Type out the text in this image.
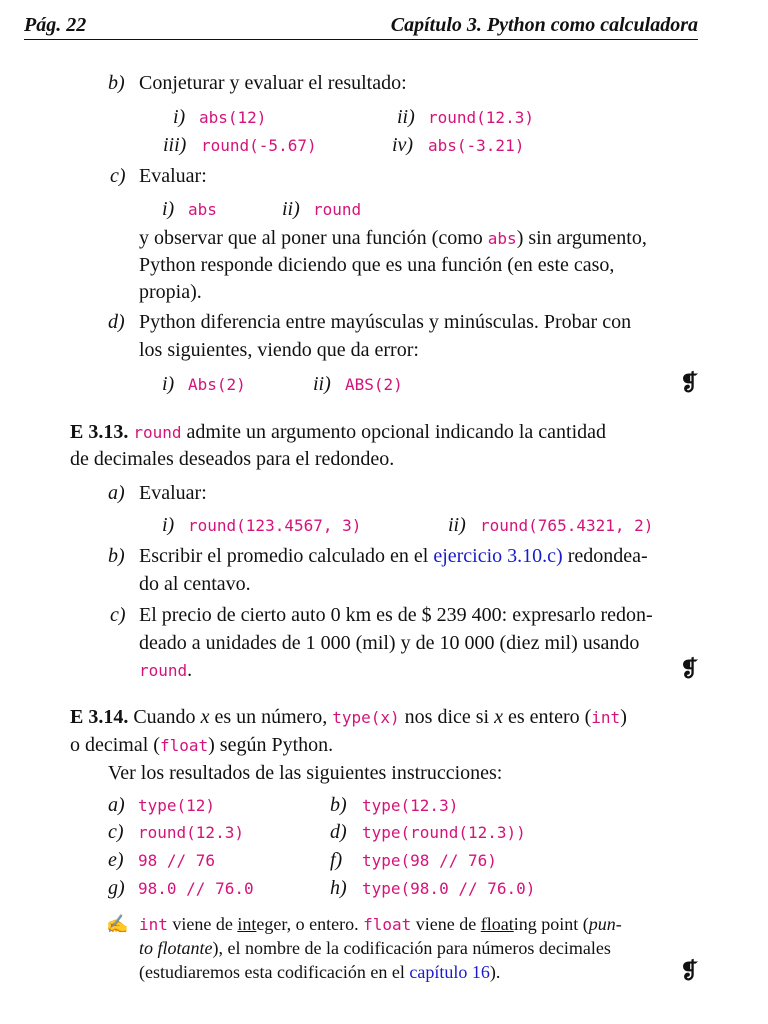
Pág. 22	Capítulo 3. Python como calculadora
b) Conjeturar y evaluar el resultado:
i) abs(12)	ii) round(12.3)
iii) round(-5.67)	iv) abs(-3.21)
c) Evaluar:
i) abs	ii) round
y observar que al poner una función (como abs) sin argumento,
Python responde diciendo que es una función (en este caso,
propia).
d) Python diferencia entre mayúsculas y minúsculas. Probar con
los siguientes, viendo que da error:
i) Abs(2)	ii) ABS(2)	❡
E 3.13. round admite un argumento opcional indicando la cantidad
de decimales deseados para el redondeo.
a) Evaluar:
i) round(123.4567, 3)	ii) round(765.4321, 2)
b) Escribir el promedio calculado en el ejercicio 3.10.c) redondea-
do al centavo.
c) El precio de cierto auto 0 km es de $ 239 400: expresarlo redon-
deado a unidades de 1 000 (mil) y de 10 000 (diez mil) usando
round.	❡
E 3.14. Cuando x es un número, type(x) nos dice si x es entero (int)
o decimal (float) según Python.
Ver los resultados de las siguientes instrucciones:
a) type(12)	b) type(12.3)
c) round(12.3)	d) type(round(12.3))
e) 98 // 76	f) type(98 // 76)
g) 98.0 // 76.0	h) type(98.0 // 76.0)
✍ int viene de integer, o entero. float viene de floating point (pun-
to flotante), el nombre de la codificación para números decimales
(estudiaremos esta codificación en el capítulo 16).	❡
